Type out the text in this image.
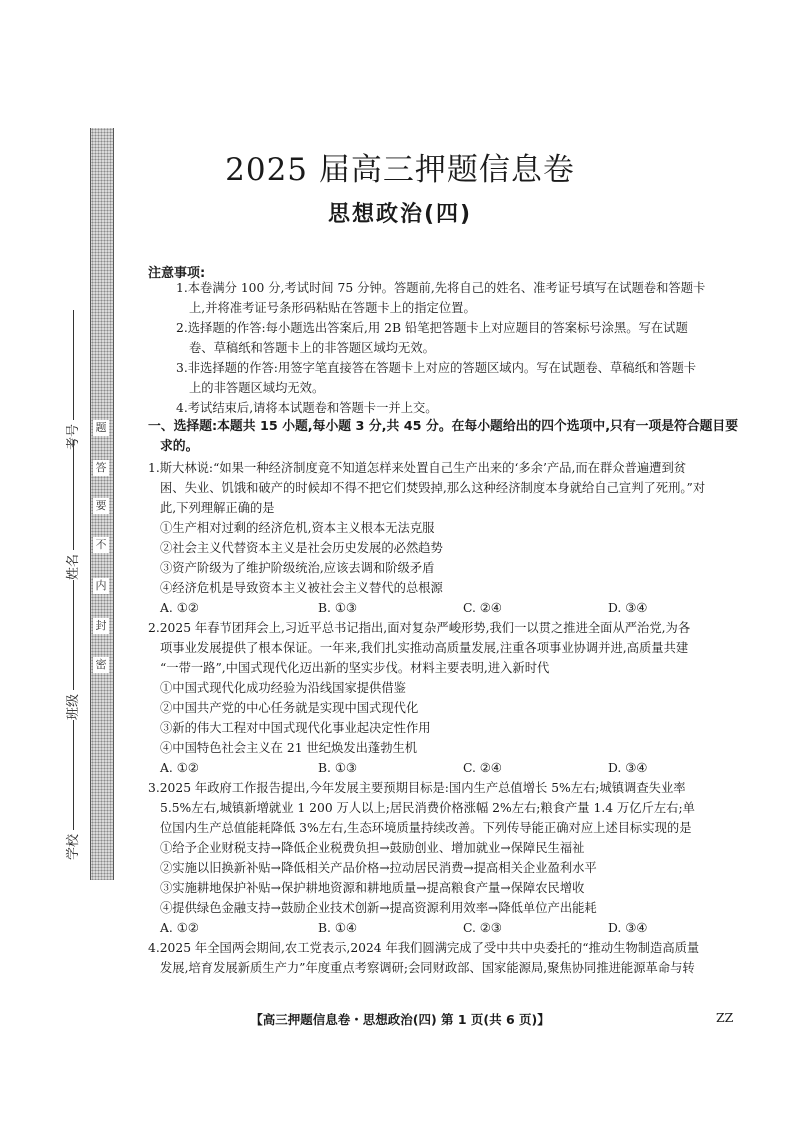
题
答
要
不
内
封
密
考号
姓名
班级
学校
2025 届高三押题信息卷
思想政治(四)
注意事项:
1.本卷满分 100 分,考试时间 75 分钟。答题前,先将自己的姓名、准考证号填写在试题卷和答题卡
上,并将准考证号条形码粘贴在答题卡上的指定位置。
2.选择题的作答:每小题选出答案后,用 2B 铅笔把答题卡上对应题目的答案标号涂黑。写在试题
卷、草稿纸和答题卡上的非答题区域均无效。
3.非选择题的作答:用签字笔直接答在答题卡上对应的答题区域内。写在试题卷、草稿纸和答题卡
上的非答题区域均无效。
4.考试结束后,请将本试题卷和答题卡一并上交。
一、选择题:本题共 15 小题,每小题 3 分,共 45 分。在每小题给出的四个选项中,只有一项是符合题目要
求的。
1.斯大林说:“如果一种经济制度竟不知道怎样来处置自己生产出来的‘多余’产品,而在群众普遍遭到贫
困、失业、饥饿和破产的时候却不得不把它们焚毁掉,那么这种经济制度本身就给自己宣判了死刑。”对
此,下列理解正确的是
①生产相对过剩的经济危机,资本主义根本无法克服
②社会主义代替资本主义是社会历史发展的必然趋势
③资产阶级为了维护阶级统治,应该去调和阶级矛盾
④经济危机是导致资本主义被社会主义替代的总根源
A. ①②	B. ①③	C. ②④	D. ③④
2.2025 年春节团拜会上,习近平总书记指出,面对复杂严峻形势,我们一以贯之推进全面从严治党,为各
项事业发展提供了根本保证。一年来,我们扎实推动高质量发展,注重各项事业协调并进,高质量共建
“一带一路”,中国式现代化迈出新的坚实步伐。材料主要表明,进入新时代
①中国式现代化成功经验为沿线国家提供借鉴
②中国共产党的中心任务就是实现中国式现代化
③新的伟大工程对中国式现代化事业起决定性作用
④中国特色社会主义在 21 世纪焕发出蓬勃生机
A. ①②	B. ①③	C. ②④	D. ③④
3.2025 年政府工作报告提出,今年发展主要预期目标是:国内生产总值增长 5%左右;城镇调查失业率
5.5%左右,城镇新增就业 1 200 万人以上;居民消费价格涨幅 2%左右;粮食产量 1.4 万亿斤左右;单
位国内生产总值能耗降低 3%左右,生态环境质量持续改善。下列传导能正确对应上述目标实现的是
①给予企业财税支持→降低企业税费负担→鼓励创业、增加就业→保障民生福祉
②实施以旧换新补贴→降低相关产品价格→拉动居民消费→提高相关企业盈利水平
③实施耕地保护补贴→保护耕地资源和耕地质量→提高粮食产量→保障农民增收
④提供绿色金融支持→鼓励企业技术创新→提高资源利用效率→降低单位产出能耗
A. ①②	B. ①④	C. ②③	D. ③④
4.2025 年全国两会期间,农工党表示,2024 年我们圆满完成了受中共中央委托的“推动生物制造高质量
发展,培育发展新质生产力”年度重点考察调研;会同财政部、国家能源局,聚焦协同推进能源革命与转
【高三押题信息卷・思想政治(四) 第 1 页(共 6 页)】	ZZ
